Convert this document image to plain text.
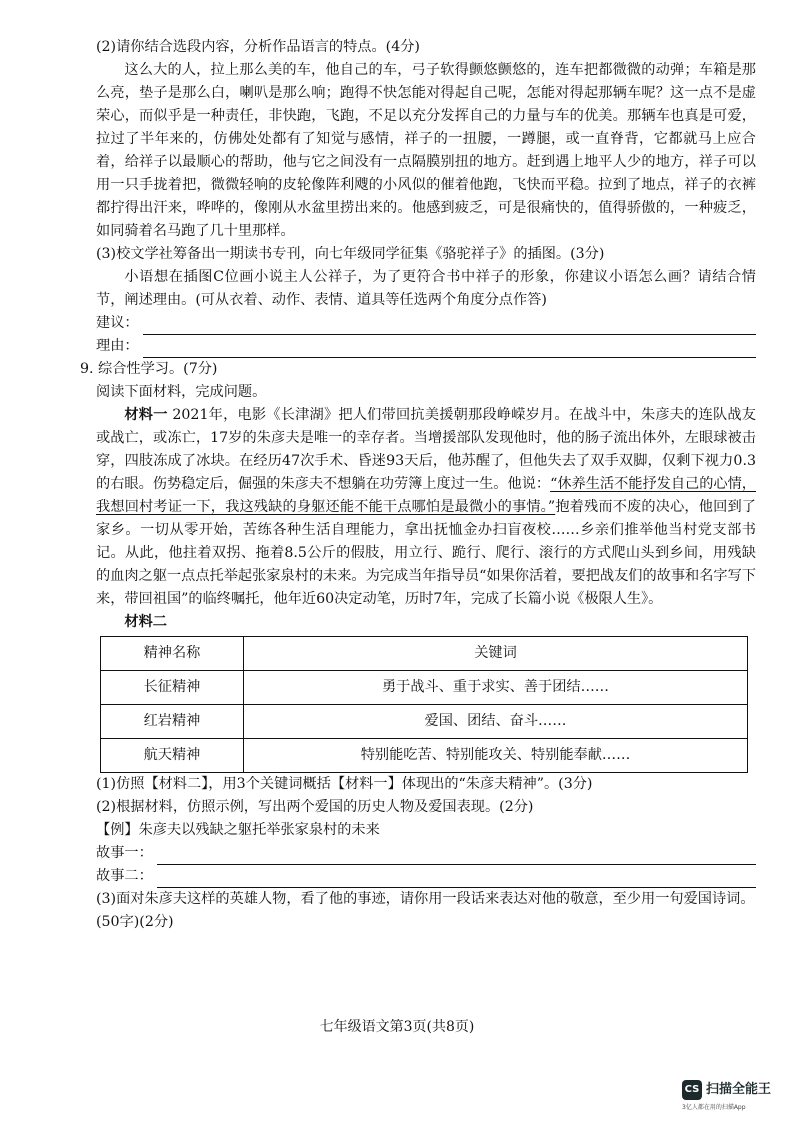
(2)请你结合选段内容，分析作品语言的特点。(4分)

这么大的人，拉上那么美的车，他自己的车，弓子软得颤悠颤悠的，连车把都微微的动弹；车箱是那么亮，垫子是那么白，喇叭是那么响；跑得不快怎能对得起自己呢，怎能对得起那辆车呢？这一点不是虚荣心，而似乎是一种责任，非快跑，飞跑，不足以充分发挥自己的力量与车的优美。那辆车也真是可爱，拉过了半年来的，仿佛处处都有了知觉与感情，祥子的一扭腰，一蹲腿，或一直脊背，它都就马上应合着，给祥子以最顺心的帮助，他与它之间没有一点隔膜别扭的地方。赶到遇上地平人少的地方，祥子可以用一只手拢着把，微微轻响的皮轮像阵利飕的小风似的催着他跑，飞快而平稳。拉到了地点，祥子的衣裤都拧得出汗来，哗哗的，像刚从水盆里捞出来的。他感到疲乏，可是很痛快的，值得骄傲的，一种疲乏，如同骑着名马跑了几十里那样。

(3)校文学社筹备出一期读书专刊，向七年级同学征集《骆驼祥子》的插图。(3分)

小语想在插图C位画小说主人公祥子，为了更符合书中祥子的形象，你建议小语怎么画？请结合情节，阐述理由。(可从衣着、动作、表情、道具等任选两个角度分点作答)

建议：
理由：

9. 综合性学习。(7分)

阅读下面材料，完成问题。

材料一 2021年，电影《长津湖》把人们带回抗美援朝那段峥嵘岁月。在战斗中，朱彦夫的连队战友或战亡，或冻亡，17岁的朱彦夫是唯一的幸存者。当增援部队发现他时，他的肠子流出体外，左眼球被击穿，四肢冻成了冰块。在经历47次手术、昏迷93天后，他苏醒了，但他失去了双手双脚，仅剩下视力0.3的右眼。伤势稳定后，倔强的朱彦夫不想躺在功劳簿上度过一生。他说：“休养生活不能抒发自己的心情，我想回村考证一下，我这残缺的身躯还能不能干点哪怕是最微小的事情。”抱着残而不废的决心，他回到了家乡。一切从零开始，苦练各种生活自理能力，拿出抚恤金办扫盲夜校……乡亲们推举他当村党支部书记。从此，他拄着双拐、拖着8.5公斤的假肢，用立行、跪行、爬行、滚行的方式爬山头到乡间，用残缺的血肉之躯一点点托举起张家泉村的未来。为完成当年指导员“如果你活着，要把战友们的故事和名字写下来，带回祖国”的临终嘱托，他年近60决定动笔，历时7年，完成了长篇小说《极限人生》。

材料二

精神名称	关键词
长征精神	勇于战斗、重于求实、善于团结……
红岩精神	爱国、团结、奋斗……
航天精神	特别能吃苦、特别能攻关、特别能奉献……

(1)仿照【材料二】，用3个关键词概括【材料一】体现出的“朱彦夫精神”。(3分)

(2)根据材料，仿照示例，写出两个爱国的历史人物及爱国表现。(2分)

【例】朱彦夫以残缺之躯托举张家泉村的未来

故事一：
故事二：

(3)面对朱彦夫这样的英雄人物，看了他的事迹，请你用一段话来表达对他的敬意，至少用一句爱国诗词。(50字)(2分)

七年级语文第3页(共8页)
CS 扫描全能王
3亿人都在用的扫描App
